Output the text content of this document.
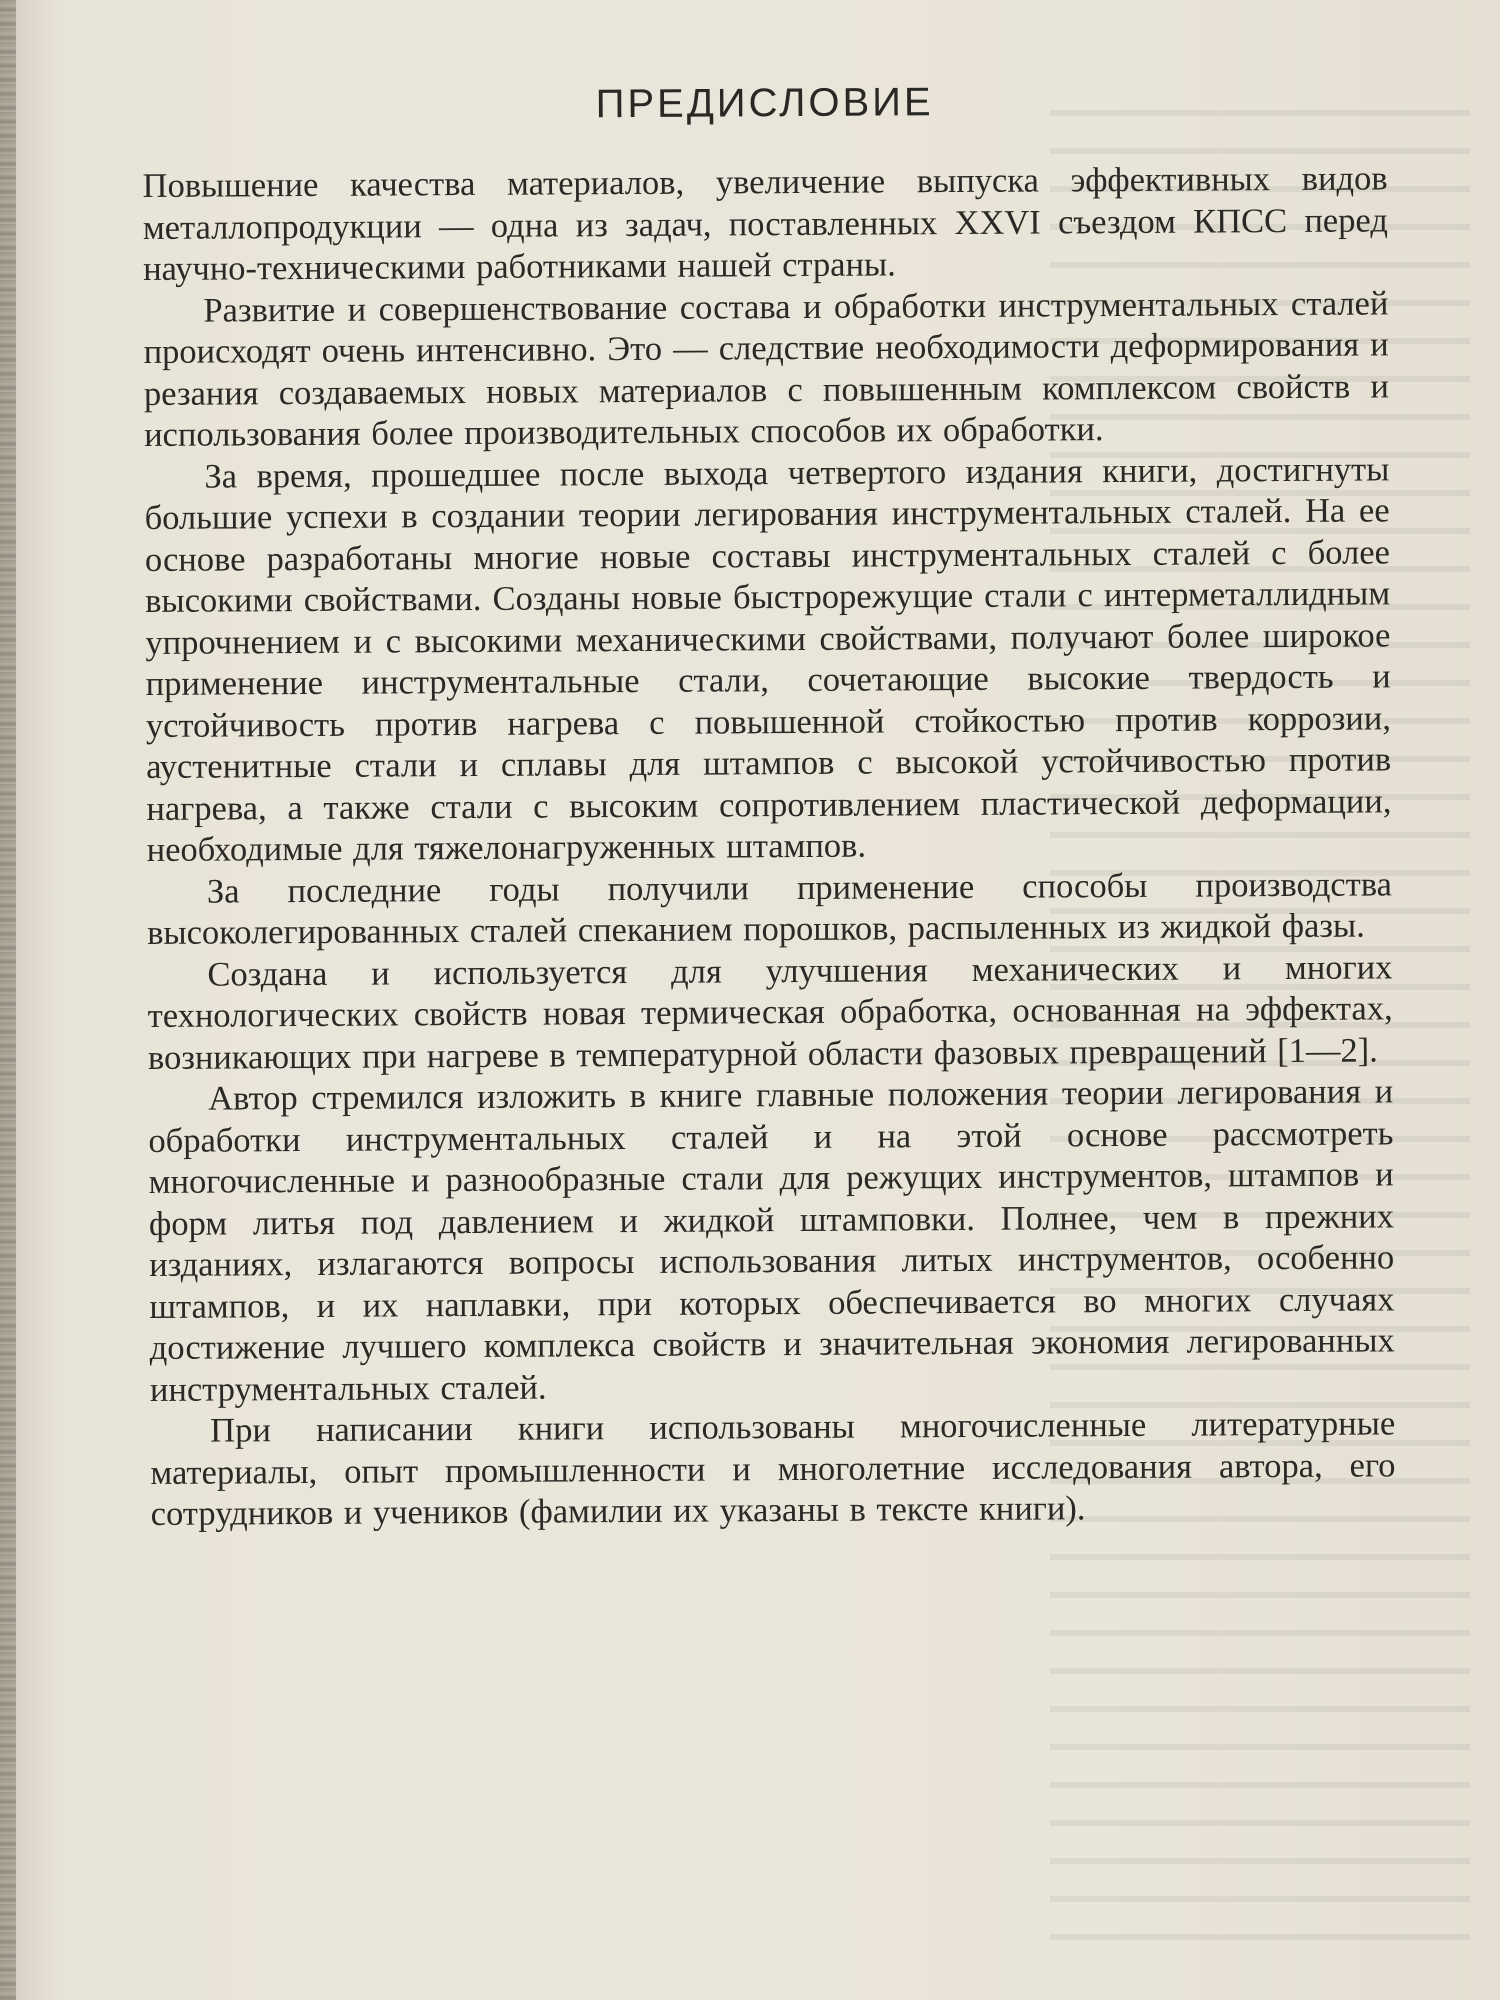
ПРЕДИСЛОВИЕ

Повышение качества материалов, увеличение выпуска эффективных видов металлопродукции — одна из задач, поставленных XXVI съездом КПСС перед научно-техническими работниками нашей страны.

Развитие и совершенствование состава и обработки инструментальных сталей происходят очень интенсивно. Это — следствие необходимости деформирования и резания создаваемых новых материалов с повышенным комплексом свойств и использования более производительных способов их обработки.

За время, прошедшее после выхода четвертого издания книги, достигнуты большие успехи в создании теории легирования инструментальных сталей. На ее основе разработаны многие новые составы инструментальных сталей с более высокими свойствами. Созданы новые быстрорежущие стали с интерметаллидным упрочнением и с высокими механическими свойствами, получают более широкое применение инструментальные стали, сочетающие высокие твердость и устойчивость против нагрева с повышенной стойкостью против коррозии, аустенитные стали и сплавы для штампов с высокой устойчивостью против нагрева, а также стали с высоким сопротивлением пластической деформации, необходимые для тяжелонагруженных штампов.

За последние годы получили применение способы производства высоколегированных сталей спеканием порошков, распыленных из жидкой фазы.

Создана и используется для улучшения механических и многих технологических свойств новая термическая обработка, основанная на эффектах, возникающих при нагреве в температурной области фазовых превращений [1—2].

Автор стремился изложить в книге главные положения теории легирования и обработки инструментальных сталей и на этой основе рассмотреть многочисленные и разнообразные стали для режущих инструментов, штампов и форм литья под давлением и жидкой штамповки. Полнее, чем в прежних изданиях, излагаются вопросы использования литых инструментов, особенно штампов, и их наплавки, при которых обеспечивается во многих случаях достижение лучшего комплекса свойств и значительная экономия легированных инструментальных сталей.

При написании книги использованы многочисленные литературные материалы, опыт промышленности и многолетние исследования автора, его сотрудников и учеников (фамилии их указаны в тексте книги).
